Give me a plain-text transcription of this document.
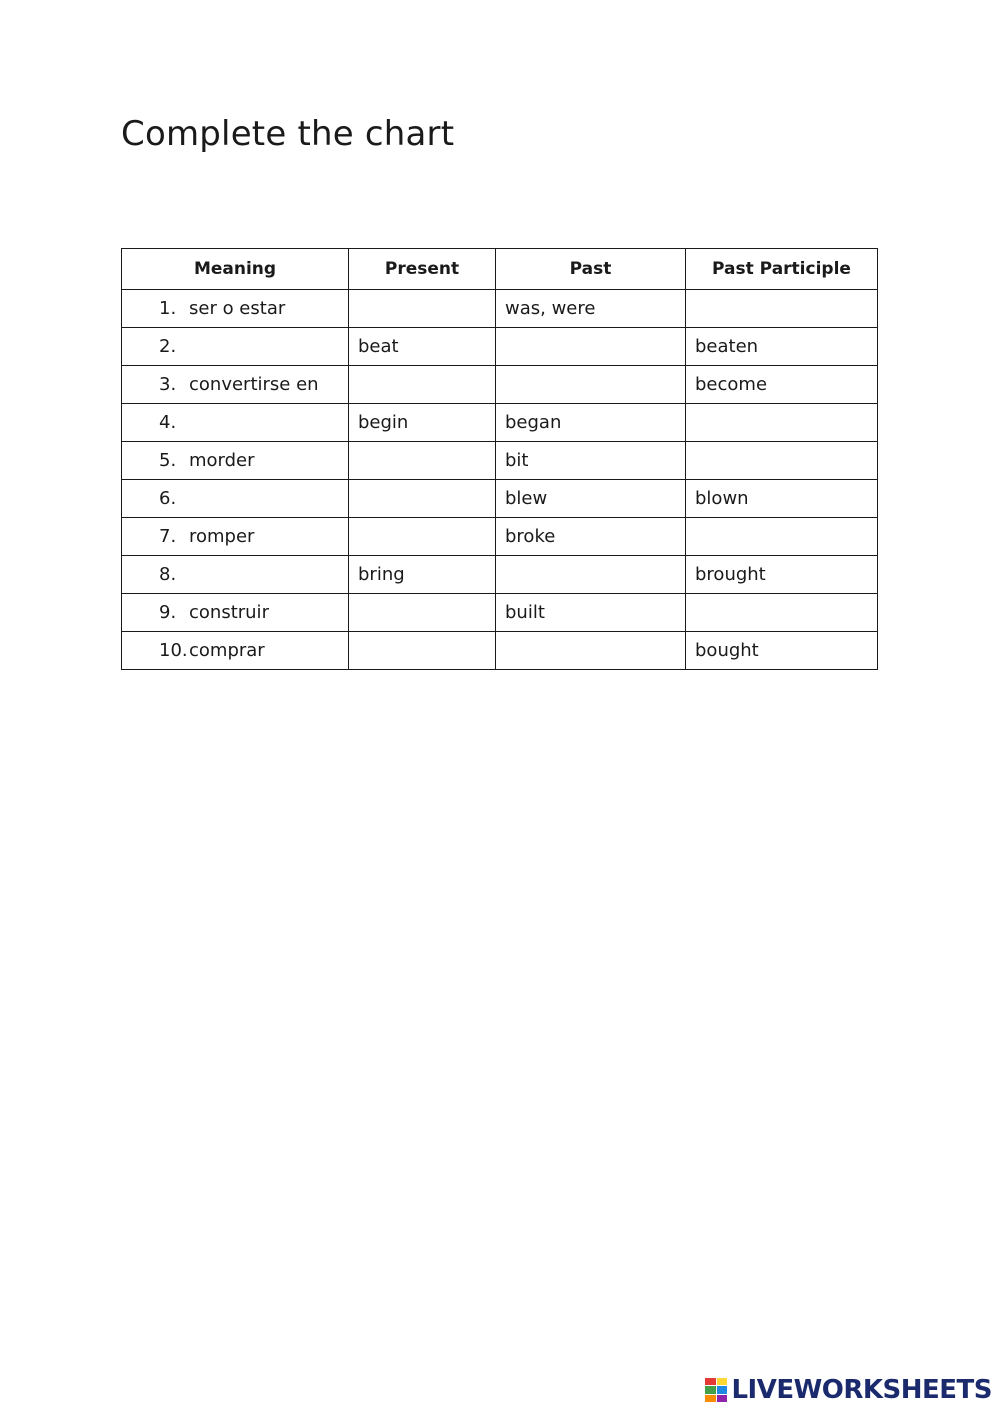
Complete the chart
Meaning	Present	Past	Past Participle
1. ser o estar		was, were	
2.	beat		beaten
3. convertirse en			become
4.	begin	began	
5. morder		bit	
6.		blew	blown
7. romper		broke	
8.	bring		brought
9. construir		built	
10.comprar			bought
LIVEWORKSHEETS
